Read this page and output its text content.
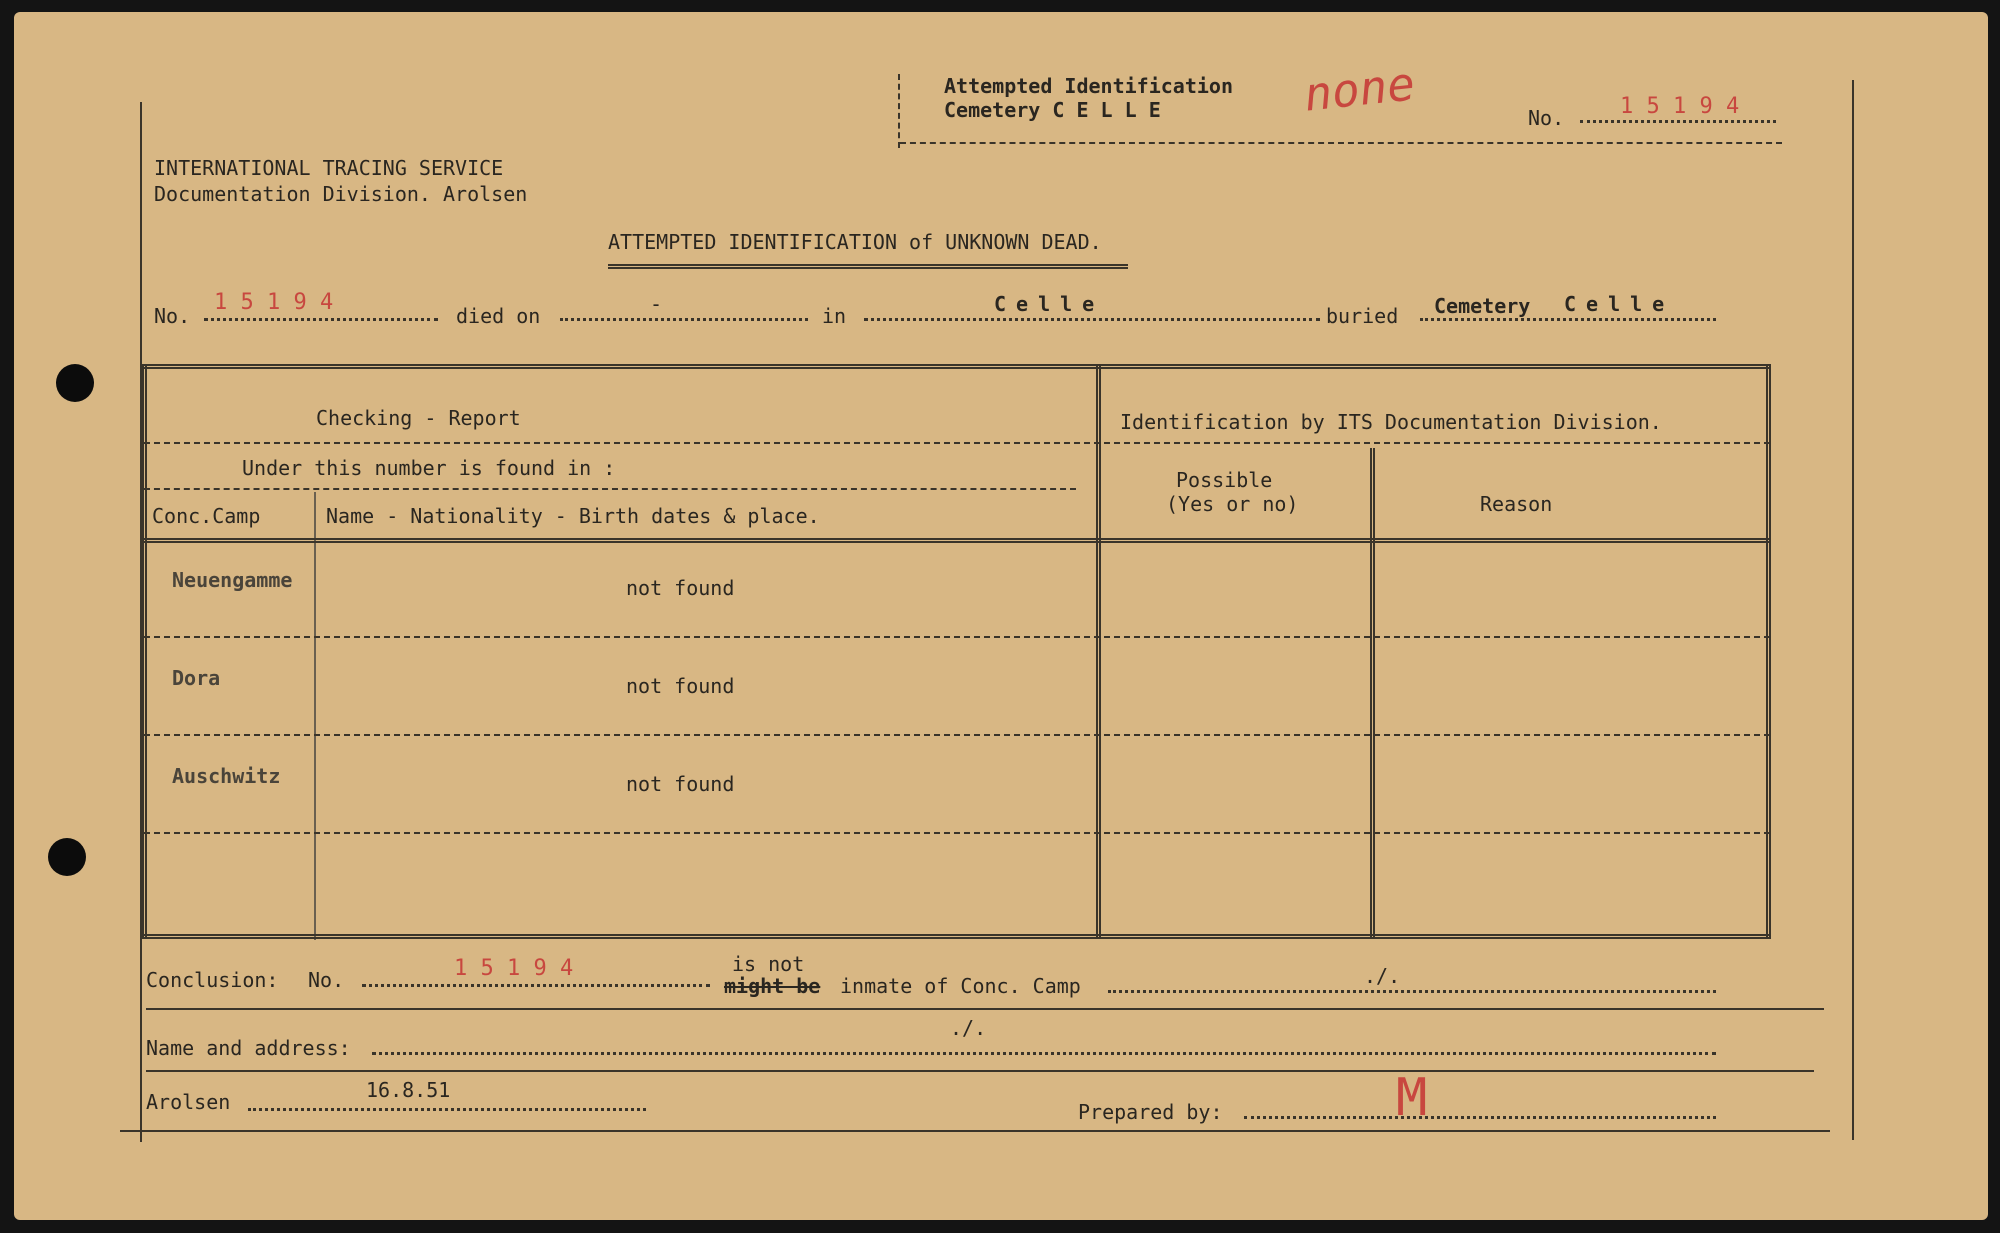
Attempted Identification
Cemetery C E L L E	none	No.	1 5 1 9 4
INTERNATIONAL TRACING SERVICE
Documentation Division. Arolsen
ATTEMPTED IDENTIFICATION of UNKNOWN DEAD.
No.
1 5 1 9 4
died on	-	in	Celle	buried Cemetery Celle
Checking - Report	Identification by ITS Documentation Division.
Under this number is found in :
Conc.Camp	Name - Nationality - Birth dates & place.
Possible
(Yes or no)	Reason
Neuengamme	not found
Dora	not found
Auschwitz	not found
Conclusion: No.	1 5 1 9 4	is not
might be inmate of Conc. Camp	./.
Name and address:
./.
Arolsen	16.8.51
Prepared by:	M
